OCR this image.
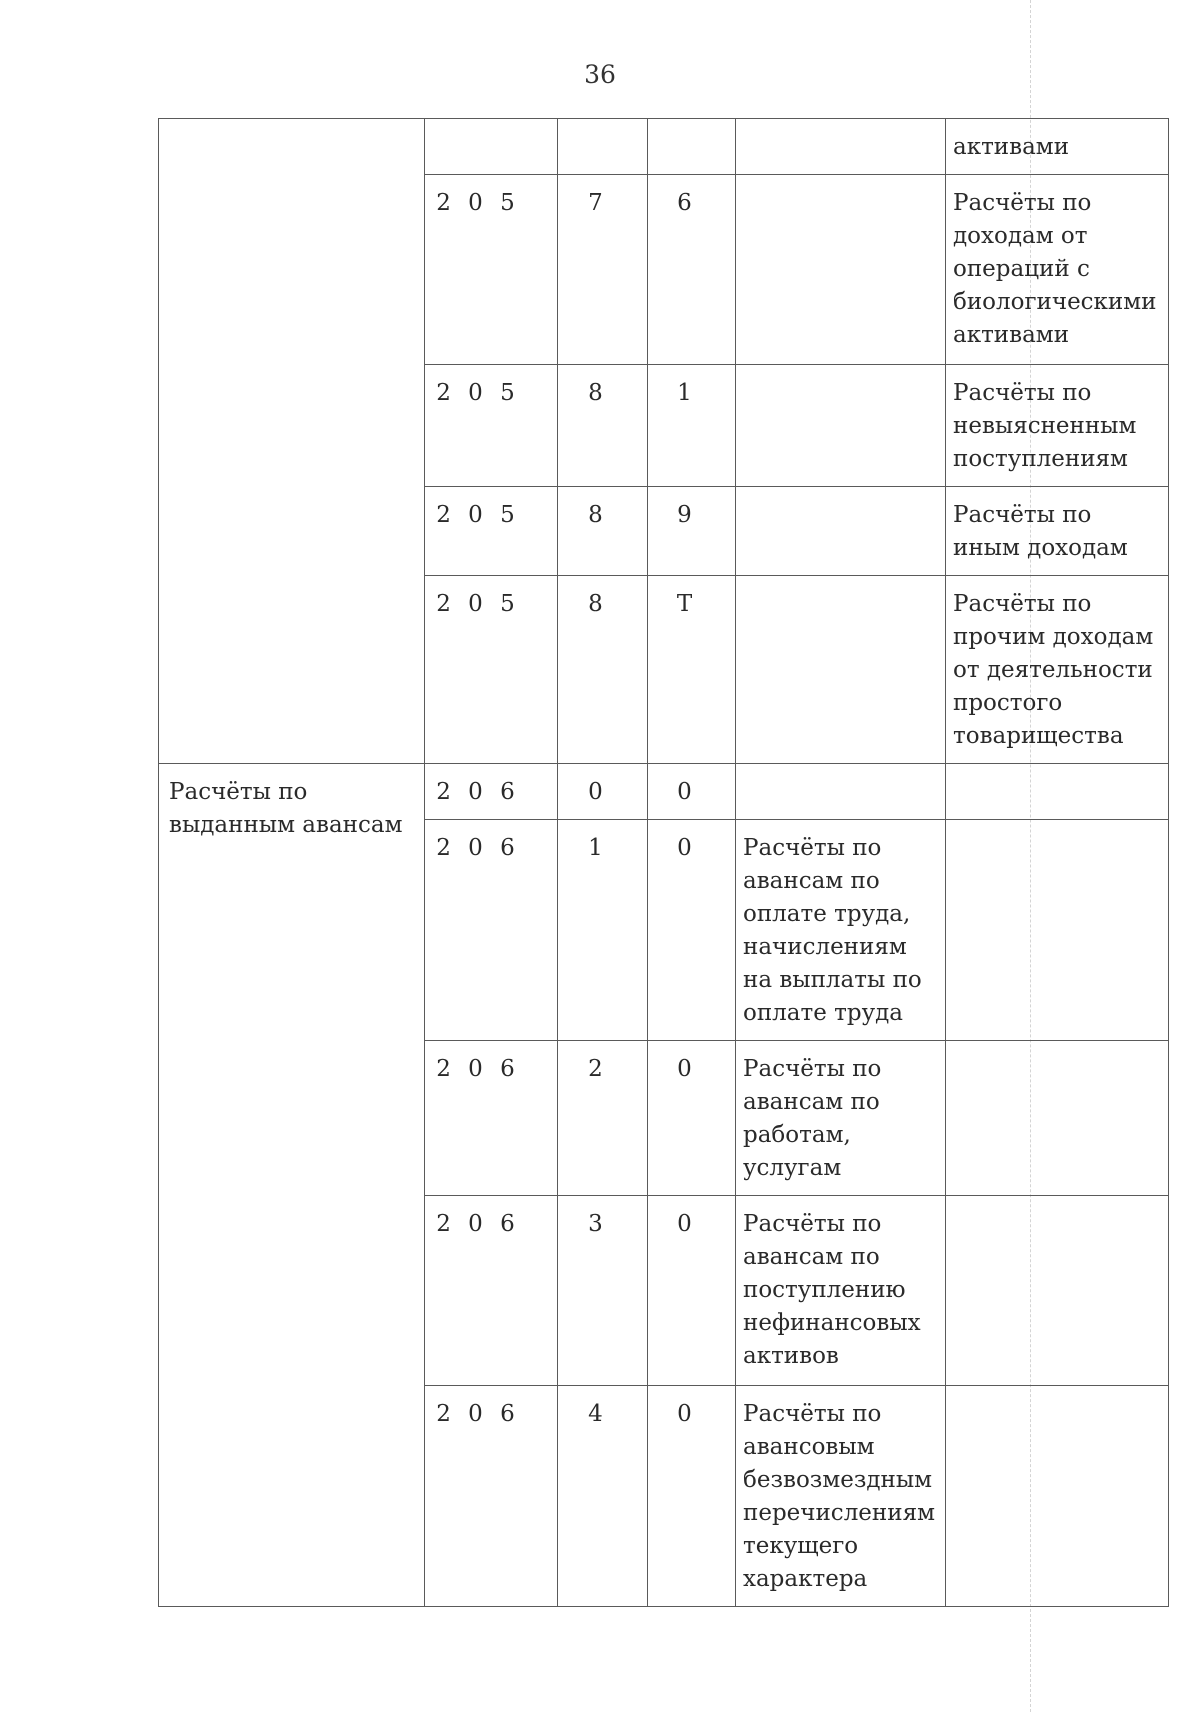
36
					активами
	2 0 5	7	6		Расчёты по доходам от операций с биологическими активами
	2 0 5	8	1		Расчёты по невыясненным поступлениям
	2 0 5	8	9		Расчёты по иным доходам
	2 0 5	8	Т		Расчёты по прочим доходам от деятельности простого товарищества

Расчёты по выданным авансам	2 0 6	0	0		
	2 0 6	1	0	Расчёты по авансам по оплате труда, начислениям на выплаты по оплате труда	
	2 0 6	2	0	Расчёты по авансам по работам, услугам	
	2 0 6	3	0	Расчёты по авансам по поступлению нефинансовых активов	
	2 0 6	4	0	Расчёты по авансовым безвозмездным перечислениям текущего характера	
